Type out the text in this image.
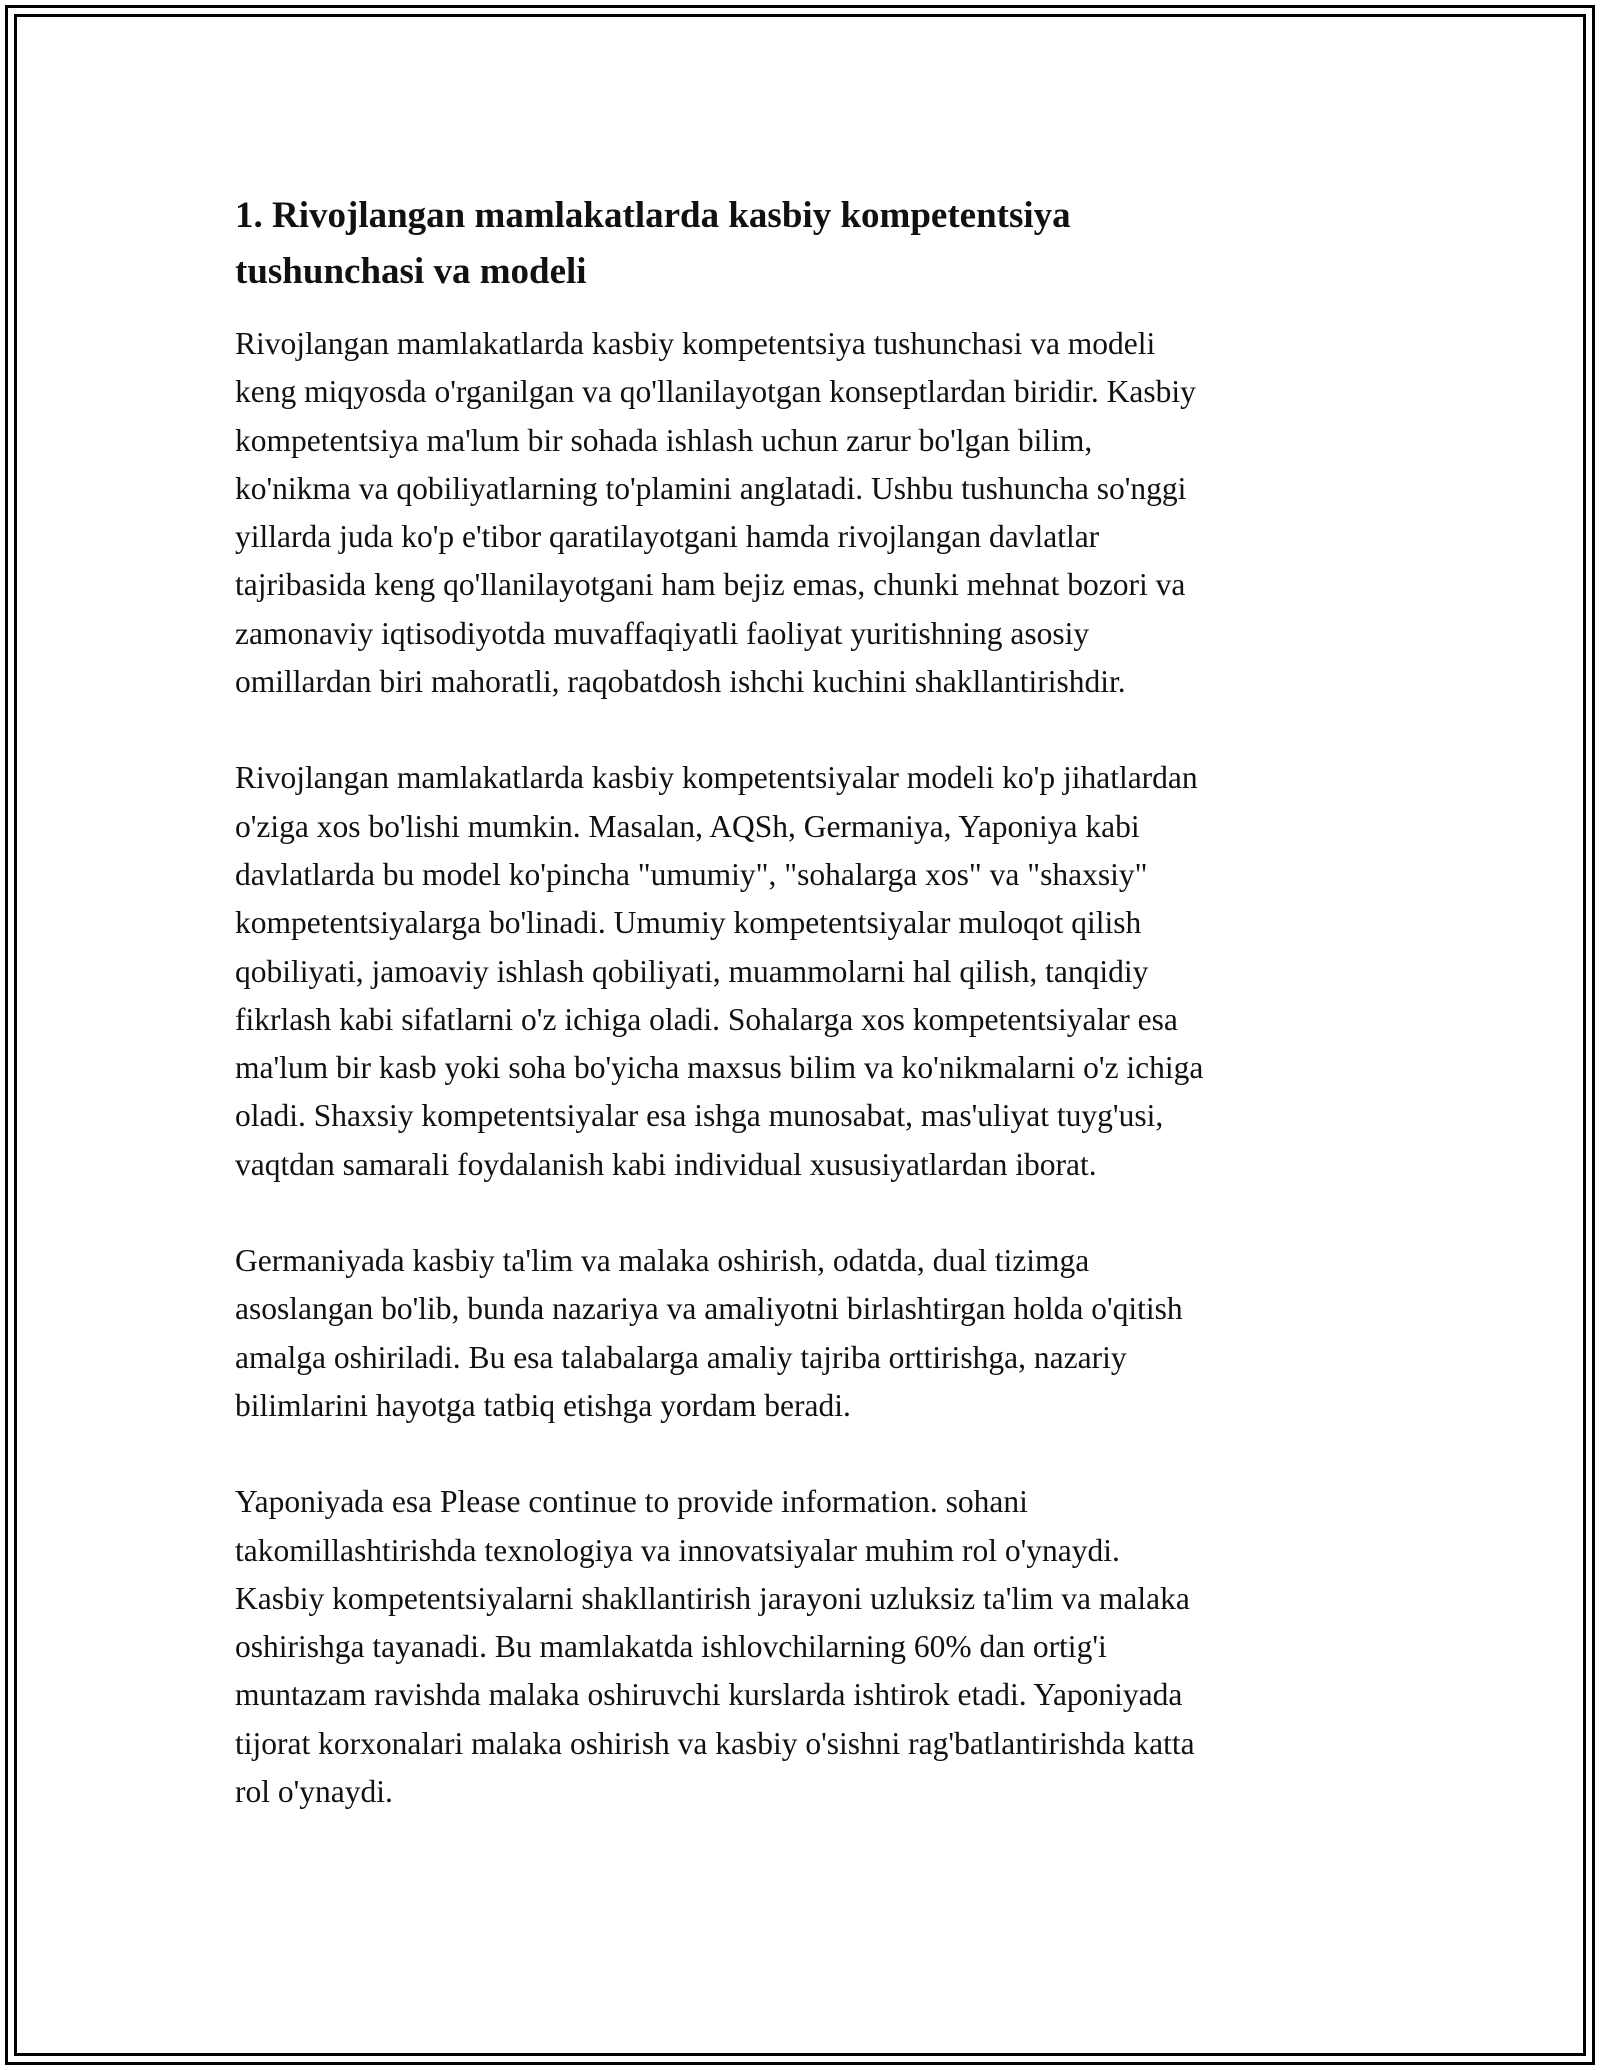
1. Rivojlangan mamlakatlarda kasbiy kompetentsiya
tushunchasi va modeli

Rivojlangan mamlakatlarda kasbiy kompetentsiya tushunchasi va modeli
keng miqyosda o'rganilgan va qo'llanilayotgan konseptlardan biridir. Kasbiy
kompetentsiya ma'lum bir sohada ishlash uchun zarur bo'lgan bilim,
ko'nikma va qobiliyatlarning to'plamini anglatadi. Ushbu tushuncha so'nggi
yillarda juda ko'p e'tibor qaratilayotgani hamda rivojlangan davlatlar
tajribasida keng qo'llanilayotgani ham bejiz emas, chunki mehnat bozori va
zamonaviy iqtisodiyotda muvaffaqiyatli faoliyat yuritishning asosiy
omillardan biri mahoratli, raqobatdosh ishchi kuchini shakllantirishdir.

Rivojlangan mamlakatlarda kasbiy kompetentsiyalar modeli ko'p jihatlardan
o'ziga xos bo'lishi mumkin. Masalan, AQSh, Germaniya, Yaponiya kabi
davlatlarda bu model ko'pincha "umumiy", "sohalarga xos" va "shaxsiy"
kompetentsiyalarga bo'linadi. Umumiy kompetentsiyalar muloqot qilish
qobiliyati, jamoaviy ishlash qobiliyati, muammolarni hal qilish, tanqidiy
fikrlash kabi sifatlarni o'z ichiga oladi. Sohalarga xos kompetentsiyalar esa
ma'lum bir kasb yoki soha bo'yicha maxsus bilim va ko'nikmalarni o'z ichiga
oladi. Shaxsiy kompetentsiyalar esa ishga munosabat, mas'uliyat tuyg'usi,
vaqtdan samarali foydalanish kabi individual xususiyatlardan iborat.

Germaniyada kasbiy ta'lim va malaka oshirish, odatda, dual tizimga
asoslangan bo'lib, bunda nazariya va amaliyotni birlashtirgan holda o'qitish
amalga oshiriladi. Bu esa talabalarga amaliy tajriba orttirishga, nazariy
bilimlarini hayotga tatbiq etishga yordam beradi.

Yaponiyada esa Please continue to provide information. sohani
takomillashtirishda texnologiya va innovatsiyalar muhim rol o'ynaydi.
Kasbiy kompetentsiyalarni shakllantirish jarayoni uzluksiz ta'lim va malaka
oshirishga tayanadi. Bu mamlakatda ishlovchilarning 60% dan ortig'i
muntazam ravishda malaka oshiruvchi kurslarda ishtirok etadi. Yaponiyada
tijorat korxonalari malaka oshirish va kasbiy o'sishni rag'batlantirishda katta
rol o'ynaydi.
